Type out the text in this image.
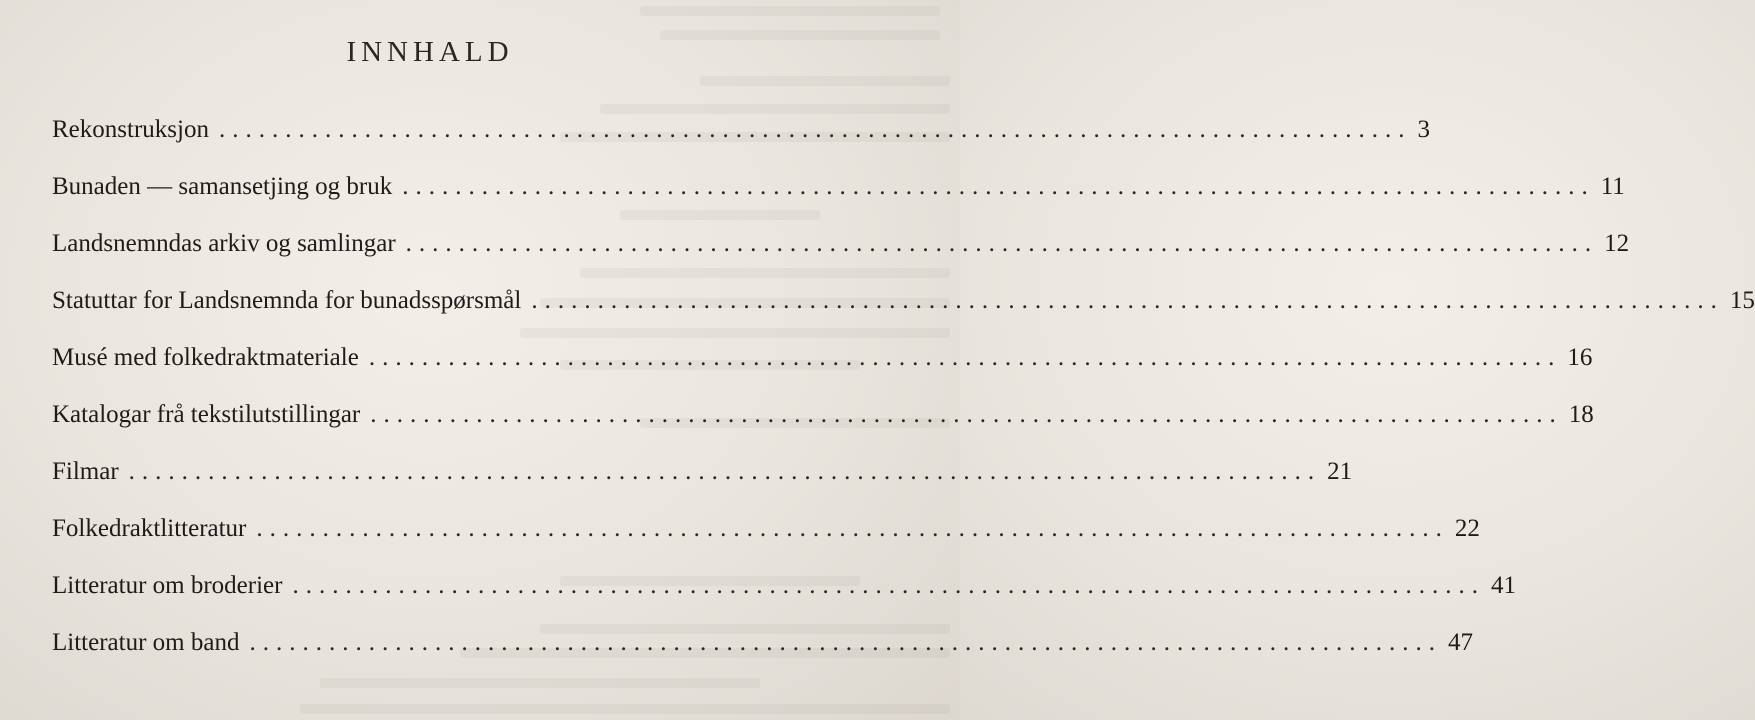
INNHALD
Rekonstruksjon .......................................................................................... 3
Bunaden — samansetjing og bruk .......................................................................................... 11
Landsnemndas arkiv og samlingar .......................................................................................... 12
Statuttar for Landsnemnda for bunadsspørsmål .......................................................................................... 15
Musé med folkedraktmateriale .......................................................................................... 16
Katalogar frå tekstilutstillingar .......................................................................................... 18
Filmar .......................................................................................... 21
Folkedraktlitteratur .......................................................................................... 22
Litteratur om broderier .......................................................................................... 41
Litteratur om band .......................................................................................... 47
